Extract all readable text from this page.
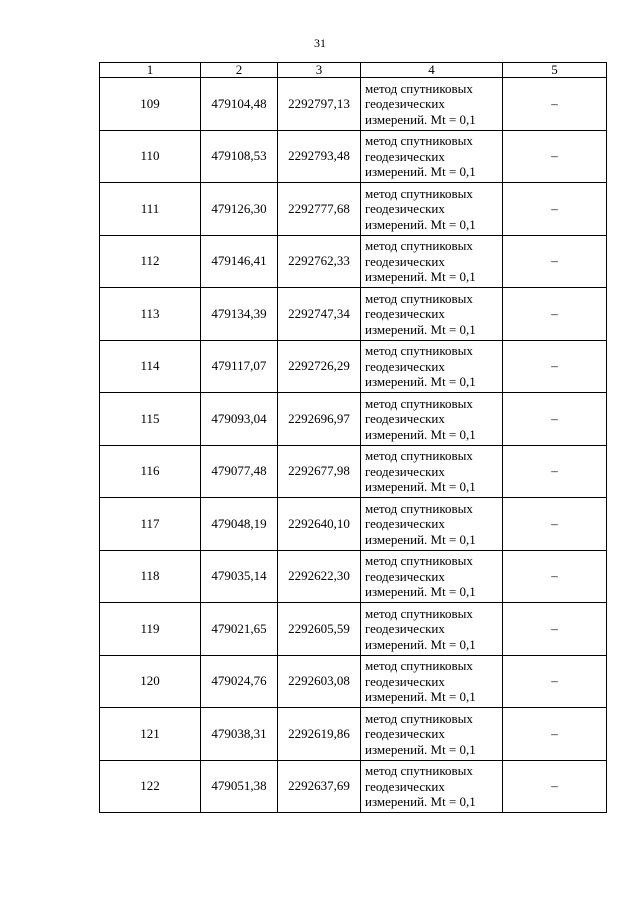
31
1	2	3	4	5
109	479104,48	2292797,13	метод спутниковых
геодезических
измерений. Mt = 0,1	–
110	479108,53	2292793,48	метод спутниковых
геодезических
измерений. Mt = 0,1	–
111	479126,30	2292777,68	метод спутниковых
геодезических
измерений. Mt = 0,1	–
112	479146,41	2292762,33	метод спутниковых
геодезических
измерений. Mt = 0,1	–
113	479134,39	2292747,34	метод спутниковых
геодезических
измерений. Mt = 0,1	–
114	479117,07	2292726,29	метод спутниковых
геодезических
измерений. Mt = 0,1	–
115	479093,04	2292696,97	метод спутниковых
геодезических
измерений. Mt = 0,1	–
116	479077,48	2292677,98	метод спутниковых
геодезических
измерений. Mt = 0,1	–
117	479048,19	2292640,10	метод спутниковых
геодезических
измерений. Mt = 0,1	–
118	479035,14	2292622,30	метод спутниковых
геодезических
измерений. Mt = 0,1	–
119	479021,65	2292605,59	метод спутниковых
геодезических
измерений. Mt = 0,1	–
120	479024,76	2292603,08	метод спутниковых
геодезических
измерений. Mt = 0,1	–
121	479038,31	2292619,86	метод спутниковых
геодезических
измерений. Mt = 0,1	–
122	479051,38	2292637,69	метод спутниковых
геодезических
измерений. Mt = 0,1	–
